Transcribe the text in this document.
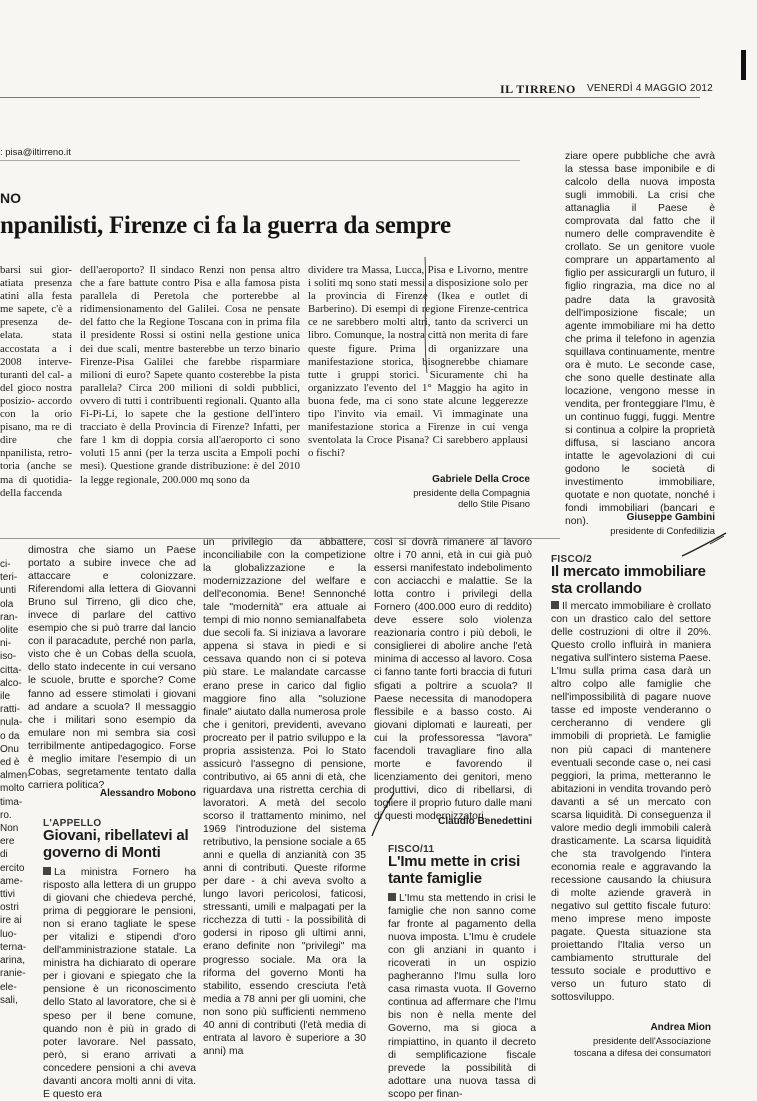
IL TIRRENO VENERDÌ 4 MAGGIO 2012
: pisa@iltirreno.it
NO
npanilisti, Firenze ci fa la guerra da sempre
barsi sui gior- atiata presenza atini alla festa me sapete, c'è a presenza de- elata. stata accostata a i 2008 interve- turanti del cal- a del gioco nostra posizio- accordo con la orio pisano, ma re di dire che npanilista, retro- toria (anche se ma di quotidia- della faccenda
dell'aeroporto? Il sindaco Renzi non pensa altro che a fare battute contro Pisa e alla famosa pista parallela di Peretola che porterebbe al ridimensionamento del Galilei. Cosa ne pensate del fatto che la Regione Toscana con in prima fila il presidente Rossi si ostini nella gestione unica dei due scali, mentre basterebbe un terzo binario Firenze-Pisa Galilei che farebbe risparmiare milioni di euro? Sapete quanto costerebbe la pista parallela? Circa 200 milioni di soldi pubblici, ovvero di tutti i contribuenti regionali. Quanto alla Fi-Pi-Li, lo sapete che la gestione dell'intero tracciato è della Provincia di Firenze? Infatti, per fare 1 km di doppia corsia all'aeroporto ci sono voluti 15 anni (per la terza uscita a Empoli pochi mesi). Questione grande distribuzione: è del 2010 la legge regionale, 200.000 mq sono da
dividere tra Massa, Lucca, Pisa e Livorno, mentre i soliti mq sono stati messi a disposizione solo per la provincia di Firenze (Ikea e outlet di Barberino). Di esempi di regione Firenze-centrica ce ne sarebbero molti altri, tanto da scriverci un libro. Comunque, la nostra città non merita di fare queste figure. Prima di organizzare una manifestazione storica, bisognerebbe chiamare tutte i gruppi storici. Sicuramente chi ha organizzato l'evento del 1° Maggio ha agito in buona fede, ma ci sono state alcune leggerezze tipo l'invito via email. Vi immaginate una manifestazione storica a Firenze in cui venga sventolata la Croce Pisana? Ci sarebbero applausi o fischi?
Gabriele Della Croce
presidente della Compagnia
dello Stile Pisano
ziare opere pubbliche che avrà la stessa base imponibile e di calcolo della nuova imposta sugli immobili. La crisi che attanaglia il Paese è comprovata dal fatto che il numero delle compravendite è crollato. Se un genitore vuole comprare un appartamento al figlio per assicurargli un futuro, il figlio ringrazia, ma dice no al padre data la gravosità dell'imposizione fiscale; un agente immobiliare mi ha detto che prima il telefono in agenzia squillava continuamente, mentre ora è muto. Le seconde case, che sono quelle destinate alla locazione, vengono messe in vendita, per fronteggiare l'Imu, è un continuo fuggi, fuggi. Mentre si continua a colpire la proprietà diffusa, si lasciano ancora intatte le agevolazioni di cui godono le società di investimento immobiliare, quotate e non quotate, nonché i fondi immobiliari (bancari e non).	Giuseppe Gambini
presidente di Confedilizia
ci- teri- unti ola ran- olite ni- iso- citta- alco- ile ratti- nula- o da Onu ed è almen- molto tima- ro. Non ere di ercito ame- ttivi ostri ire ai luo- terna- arina, ranie- ele- sali,
dimostra che siamo un Paese portato a subire invece che ad attaccare e colonizzare. Riferendomi alla lettera di Giovanni Bruno sul Tirreno, gli dico che, invece di parlare del cattivo esempio che si può trarre dal lancio con il paracadute, perché non parla, visto che è un Cobas della scuola, dello stato indecente in cui versano le scuole, brutte e sporche? Come fanno ad essere stimolati i giovani ad andare a scuola? Il messaggio che i militari sono esempio da emulare non mi sembra sia così terribilmente antipedagogico. Forse è meglio imitare l'esempio di un Cobas, segretamente tentato dalla carriera politica?
Alessandro Mobono
L'APPELLO
Giovani, ribellatevi al governo di Monti
La ministra Fornero ha risposto alla lettera di un gruppo di giovani che chiedeva perché, prima di peggiorare le pensioni, non si erano tagliate le spese per vitalizi e stipendi d'oro dell'amministrazione statale. La ministra ha dichiarato di operare per i giovani e spiegato che la pensione è un riconoscimento dello Stato al lavoratore, che si è speso per il bene comune, quando non è più in grado di poter lavorare. Nel passato, però, si erano arrivati a concedere pensioni a chi aveva davanti ancora molti anni di vita. E questo era
un privilegio da abbattere, inconciliabile con la competizione la globalizzazione e la modernizzazione del welfare e dell'economia. Bene! Sennonché tale "modernità" era attuale ai tempi di mio nonno semianalfabeta due secoli fa. Si iniziava a lavorare appena si stava in piedi e si cessava quando non ci si poteva più stare. Le malandate carcasse erano prese in carico dal figlio maggiore fino alla "soluzione finale" aiutato dalla numerosa prole che i genitori, previdenti, avevano procreato per il patrio sviluppo e la propria assistenza. Poi lo Stato assicurò l'assegno di pensione, contributivo, ai 65 anni di età, che riguardava una ristretta cerchia di lavoratori. A metà del secolo scorso il trattamento minimo, nel 1969 l'introduzione del sistema retributivo, la pensione sociale a 65 anni e quella di anzianità con 35 anni di contributi. Queste riforme per dare - a chi aveva svolto a lungo lavori pericolosi, faticosi, stressanti, umili e malpagati per la ricchezza di tutti - la possibilità di godersi in riposo gli ultimi anni, erano definite non "privilegi" ma progresso sociale. Ma ora la riforma del governo Monti ha stabilito, essendo cresciuta l'età media a 78 anni per gli uomini, che non sono più sufficienti nemmeno 40 anni di contributi (l'età media di entrata al lavoro è superiore a 30 anni) ma
così si dovrà rimanere al lavoro oltre i 70 anni, età in cui già può essersi manifestato indebolimento con acciacchi e malattie. Se la lotta contro i privilegi della Fornero (400.000 euro di reddito) deve essere solo violenza reazionaria contro i più deboli, le consiglierei di abolire anche l'età minima di accesso al lavoro. Cosa ci fanno tante forti braccia di futuri sfigati a poltrire a scuola? Il Paese necessita di manodopera flessibile e a basso costo. Ai giovani diplomati e laureati, per cui la professoressa "lavora" facendoli travagliare fino alla morte e favorendo il licenziamento dei genitori, meno produttivi, dico di ribellarsi, di togliere il proprio futuro dalle mani di questi modernizzatori.
Claudio Benedettini
FISCO/11
L'Imu mette in crisi tante famiglie
L'Imu sta mettendo in crisi le famiglie che non sanno come far fronte al pagamento della nuova imposta. L'Imu è crudele con gli anziani in quanto i ricoverati in un ospizio pagheranno l'Imu sulla loro casa rimasta vuota. Il Governo continua ad affermare che l'Imu bis non è nella mente del Governo, ma si gioca a rimpiattino, in quanto il decreto di semplificazione fiscale prevede la possibilità di adottare una nuova tassa di scopo per finan-
FISCO/2
Il mercato immobiliare sta crollando
Il mercato immobiliare è crollato con un drastico calo del settore delle costruzioni di oltre il 20%. Questo crollo influirà in maniera negativa sull'intero sistema Paese. L'Imu sulla prima casa darà un altro colpo alle famiglie che nell'impossibilità di pagare nuove tasse ed imposte venderanno o cercheranno di vendere gli immobili di proprietà. Le famiglie non più capaci di mantenere eventuali seconde case o, nei casi peggiori, la prima, metteranno le abitazioni in vendita trovando però davanti a sé un mercato con scarsa liquidità. Di conseguenza il valore medio degli immobili calerà drasticamente. La scarsa liquidità che sta travolgendo l'intera economia reale e aggravando la recessione causando la chiusura di molte aziende graverà in negativo sul gettito fiscale futuro: meno imprese meno imposte pagate. Questa situazione sta proiettando l'Italia verso un cambiamento strutturale del tessuto sociale e produttivo e verso un futuro stato di sottosviluppo.
Andrea Mion
presidente dell'Associazione
toscana a difesa dei consumatori
